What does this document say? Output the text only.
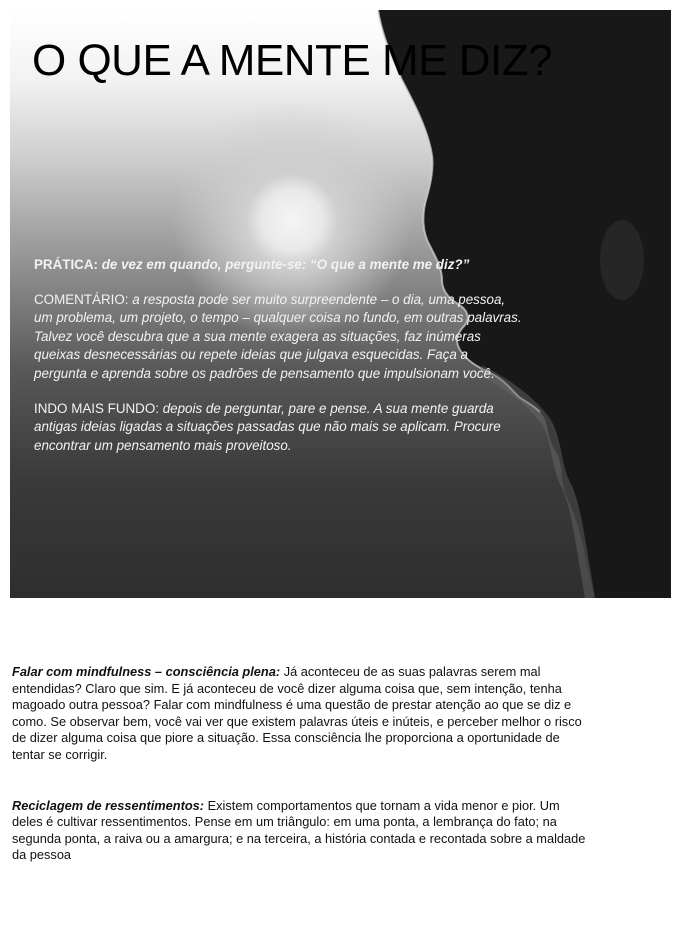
O QUE A MENTE ME DIZ?

PRÁTICA: de vez em quando, pergunte-se: “O que a mente me diz?”

COMENTÁRIO: a resposta pode ser muito surpreendente – o dia, uma pessoa, um problema, um projeto, o tempo – qualquer coisa no fundo, em outras palavras. Talvez você descubra que a sua mente exagera as situações, faz inúmeras queixas desnecessárias ou repete ideias que julgava esquecidas. Faça a pergunta e aprenda sobre os padrões de pensamento que impulsionam você.

INDO MAIS FUNDO: depois de perguntar, pare e pense. A sua mente guarda antigas ideias ligadas a situações passadas que não mais se aplicam. Procure encontrar um pensamento mais proveitoso.

Falar com mindfulness – consciência plena: Já aconteceu de as suas palavras serem mal entendidas? Claro que sim. E já aconteceu de você dizer alguma coisa que, sem intenção, tenha magoado outra pessoa? Falar com mindfulness é uma questão de prestar atenção ao que se diz e como. Se observar bem, você vai ver que existem palavras úteis e inúteis, e perceber melhor o risco de dizer alguma coisa que piore a situação. Essa consciência lhe proporciona a oportunidade de tentar se corrigir.

Reciclagem de ressentimentos: Existem comportamentos que tornam a vida menor e pior. Um deles é cultivar ressentimentos. Pense em um triângulo: em uma ponta, a lembrança do fato; na segunda ponta, a raiva ou a amargura; e na terceira, a história contada e recontada sobre a maldade da pessoa
